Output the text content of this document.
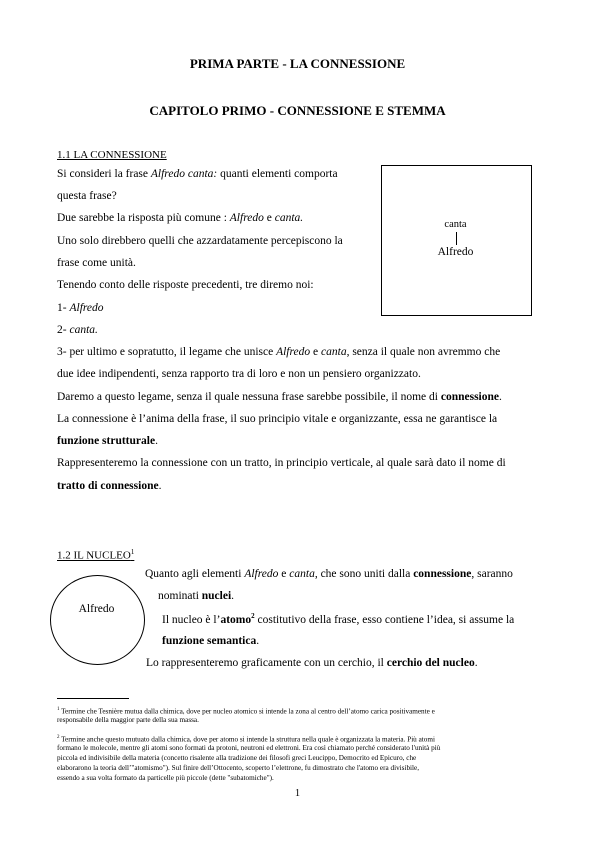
PRIMA PARTE - LA CONNESSIONE
CAPITOLO PRIMO - CONNESSIONE E STEMMA
1.1 LA CONNESSIONE
Si consideri la frase Alfredo canta: quanti elementi comporta
questa frase?
Due sarebbe la risposta più comune : Alfredo e canta.
Uno solo direbbero quelli che azzardatamente percepiscono la
frase come unità.
Tenendo conto delle risposte precedenti, tre diremo noi:
1- Alfredo
2- canta.
3- per ultimo e sopratutto, il legame che unisce Alfredo e canta, senza il quale non avremmo che
due idee indipendenti, senza rapporto tra di loro e non un pensiero organizzato.
Daremo a questo legame, senza il quale nessuna frase sarebbe possibile, il nome di connessione.
La connessione è l’anima della frase, il suo principio vitale e organizzante, essa ne garantisce la
funzione strutturale.
Rappresenteremo la connessione con un tratto, in principio verticale, al quale sarà dato il nome di
tratto di connessione.
canta
Alfredo
1.2 IL NUCLEO$^1$
Alfredo
Quanto agli elementi Alfredo e canta, che sono uniti dalla connessione, saranno
nominati nuclei.
Il nucleo è l’atomo$^2$ costitutivo della frase, esso contiene l’idea, si assume la
funzione semantica.
Lo rappresenteremo graficamente con un cerchio, il cerchio del nucleo.
$^1$ Termine che Tesnière mutua dalla chimica, dove per nucleo atomico si intende la zona al centro dell’atomo carica positivamente e
responsabile della maggior parte della sua massa.
$^2$ Termine anche questo mutuato dalla chimica, dove per atomo si intende la struttura nella quale è organizzata la materia. Più atomi
formano le molecole, mentre gli atomi sono formati da protoni, neutroni ed elettroni. Era così chiamato perché considerato l'unità più
piccola ed indivisibile della materia (concetto risalente alla tradizione dei filosofi greci Leucippo, Democrito ed Epicuro, che
elaborarono la teoria dell’"atomismo"). Sul finire dell’Ottocento, scoperto l’elettrone, fu dimostrato che l'atomo era divisibile,
essendo a sua volta formato da particelle più piccole (dette "subatomiche").
1
